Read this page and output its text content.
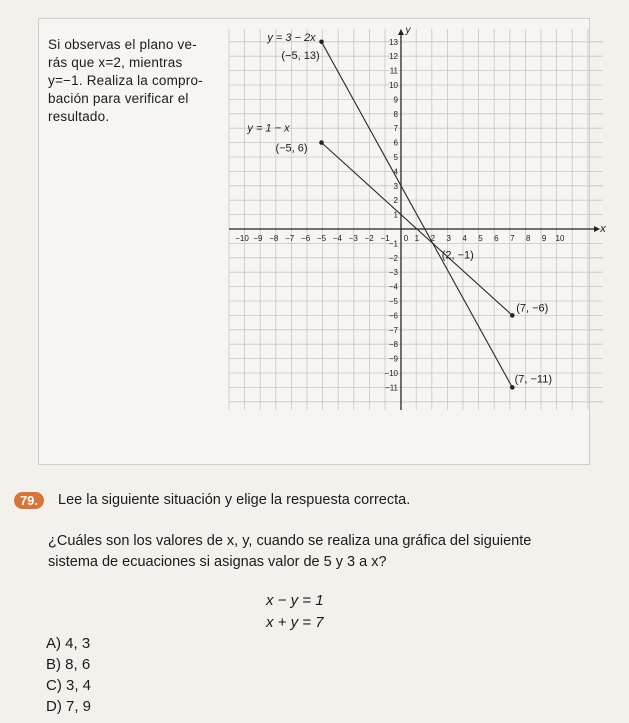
Si observas el plano ve-
rás que x=2, mientras
y=−1. Realiza la compro-
bación para verificar el
resultado.
x
y
−10 −9 −8 −7 −6 −5 −4 −3 −2 −1 0 1 2 3 4 5 6 7 8 9 10
13
12
11
10
9
8
7
6
5
4
3
2
1
−1
−2
−3
−4
−5
−6
−7
−8
−9
−10
−11
y = 3 − 2x
(−5, 13)
(7, −11)
y = 1 − x
(−5, 6)
(7, −6)
(2, −1)
79.	Lee la siguiente situación y elige la respuesta correcta.
¿Cuáles son los valores de x, y, cuando se realiza una gráfica del siguiente
sistema de ecuaciones si asignas valor de 5 y 3 a x?
x − y = 1
x + y = 7
A) 4, 3
B) 8, 6
C) 3, 4
D) 7, 9
